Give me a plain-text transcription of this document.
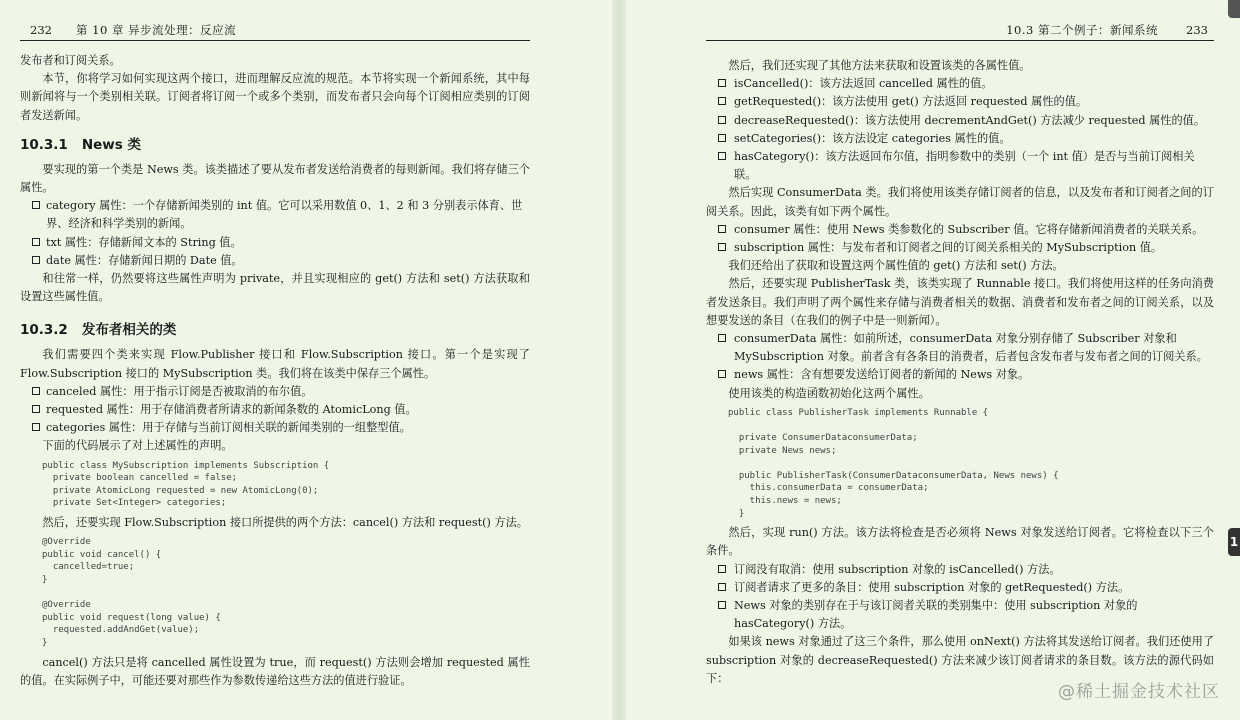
232 第 10 章 异步流处理：反应流

发布者和订阅关系。

本节，你将学习如何实现这两个接口，进而理解反应流的规范。本节将实现一个新闻系统，其中每则新闻将与一个类别相关联。订阅者将订阅一个或多个类别，而发布者只会向每个订阅相应类别的订阅者发送新闻。

10.3.1 News 类

要实现的第一个类是 News 类。该类描述了要从发布者发送给消费者的每则新闻。我们将存储三个属性。

category 属性：一个存储新闻类别的 int 值。它可以采用数值 0、1、2 和 3 分别表示体育、世界、经济和科学类别的新闻。
txt 属性：存储新闻文本的 String 值。
date 属性：存储新闻日期的 Date 值。

和往常一样，仍然要将这些属性声明为 private，并且实现相应的 get() 方法和 set() 方法获取和设置这些属性值。

10.3.2 发布者相关的类

我们需要四个类来实现 Flow.Publisher 接口和 Flow.Subscription 接口。第一个是实现了 Flow.Subscription 接口的 MySubscription 类。我们将在该类中保存三个属性。

canceled 属性：用于指示订阅是否被取消的布尔值。
requested 属性：用于存储消费者所请求的新闻条数的 AtomicLong 值。
categories 属性：用于存储与当前订阅相关联的新闻类别的一组整型值。

下面的代码展示了对上述属性的声明。

public class MySubscription implements Subscription {
private boolean cancelled = false;
private AtomicLong requested = new AtomicLong(0);
private Set<Integer> categories;

然后，还要实现 Flow.Subscription 接口所提供的两个方法：cancel() 方法和 request() 方法。

@Override
public void cancel() {
cancelled=true;
}

@Override
public void request(long value) {
requested.addAndGet(value);
}

cancel() 方法只是将 cancelled 属性设置为 true，而 request() 方法则会增加 requested 属性的值。在实际例子中，可能还要对那些作为参数传递给这些方法的值进行验证。

10.3 第二个例子：新闻系统 233

然后，我们还实现了其他方法来获取和设置该类的各属性值。

isCancelled()：该方法返回 cancelled 属性的值。
getRequested()：该方法使用 get() 方法返回 requested 属性的值。
decreaseRequested()：该方法使用 decrementAndGet() 方法减少 requested 属性的值。
setCategories()：该方法设定 categories 属性的值。
hasCategory()：该方法返回布尔值，指明参数中的类别（一个 int 值）是否与当前订阅相关联。

然后实现 ConsumerData 类。我们将使用该类存储订阅者的信息，以及发布者和订阅者之间的订阅关系。因此，该类有如下两个属性。

consumer 属性：使用 News 类参数化的 Subscriber 值。它将存储新闻消费者的关联关系。
subscription 属性：与发布者和订阅者之间的订阅关系相关的 MySubscription 值。

我们还给出了获取和设置这两个属性值的 get() 方法和 set() 方法。

然后，还要实现 PublisherTask 类，该类实现了 Runnable 接口。我们将使用这样的任务向消费者发送条目。我们声明了两个属性来存储与消费者相关的数据、消费者和发布者之间的订阅关系，以及想要发送的条目（在我们的例子中是一则新闻）。

consumerData 属性：如前所述，consumerData 对象分别存储了 Subscriber 对象和 MySubscription 对象。前者含有各条目的消费者，后者包含发布者与发布者之间的订阅关系。
news 属性：含有想要发送给订阅者的新闻的 News 对象。

使用该类的构造函数初始化这两个属性。

public class PublisherTask implements Runnable {

private ConsumerDataconsumerData;
private News news;

public PublisherTask(ConsumerDataconsumerData, News news) {
this.consumerData = consumerData;
this.news = news;
}

然后，实现 run() 方法。该方法将检查是否必须将 News 对象发送给订阅者。它将检查以下三个条件。

订阅没有取消：使用 subscription 对象的 isCancelled() 方法。
订阅者请求了更多的条目：使用 subscription 对象的 getRequested() 方法。
News 对象的类别存在于与该订阅者关联的类别集中：使用 subscription 对象的 hasCategory() 方法。

如果该 news 对象通过了这三个条件，那么使用 onNext() 方法将其发送给订阅者。我们还使用了 subscription 对象的 decreaseRequested() 方法来减少该订阅者请求的条目数。该方法的源代码如下：

1
@稀土掘金技术社区
